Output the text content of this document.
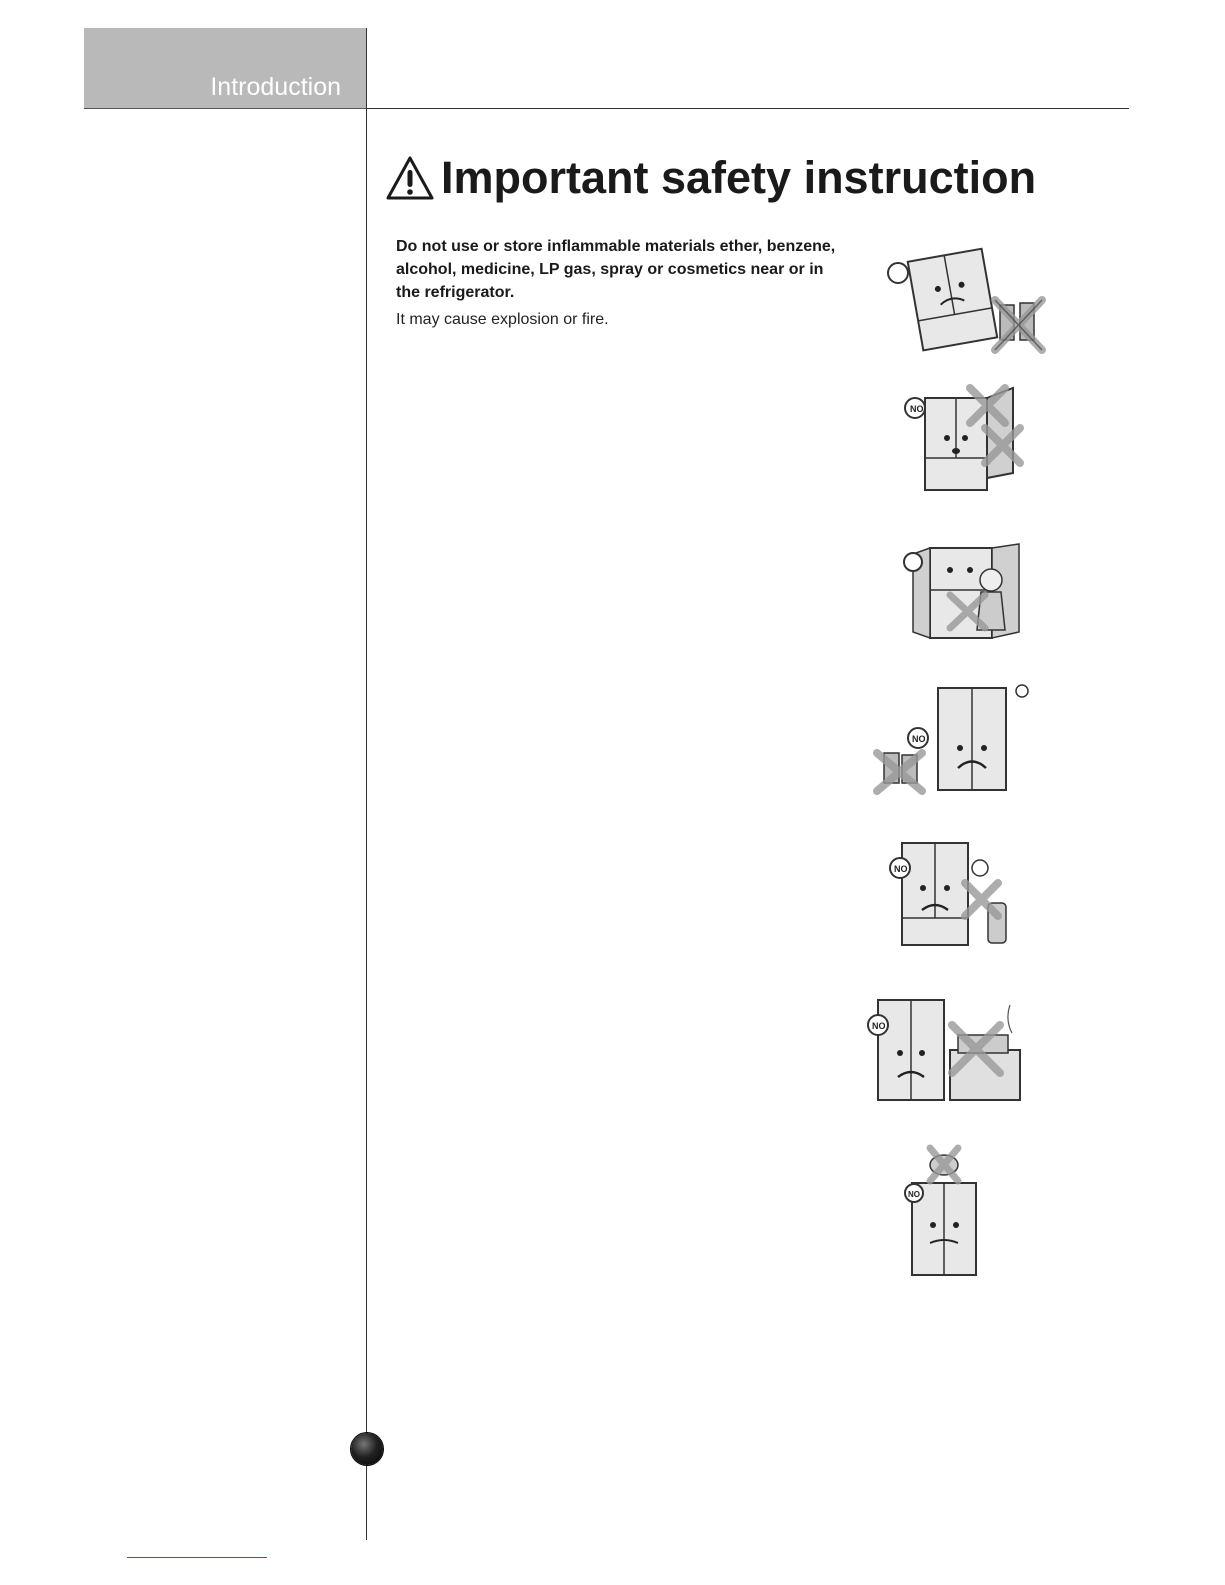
Introduction
Important safety instruction
Do not use or store inflammable materials ether, benzene, alcohol, medicine, LP gas, spray or cosmetics near or in the refrigerator.
It may cause explosion or fire.
NO
NO
NO
NO
NO
